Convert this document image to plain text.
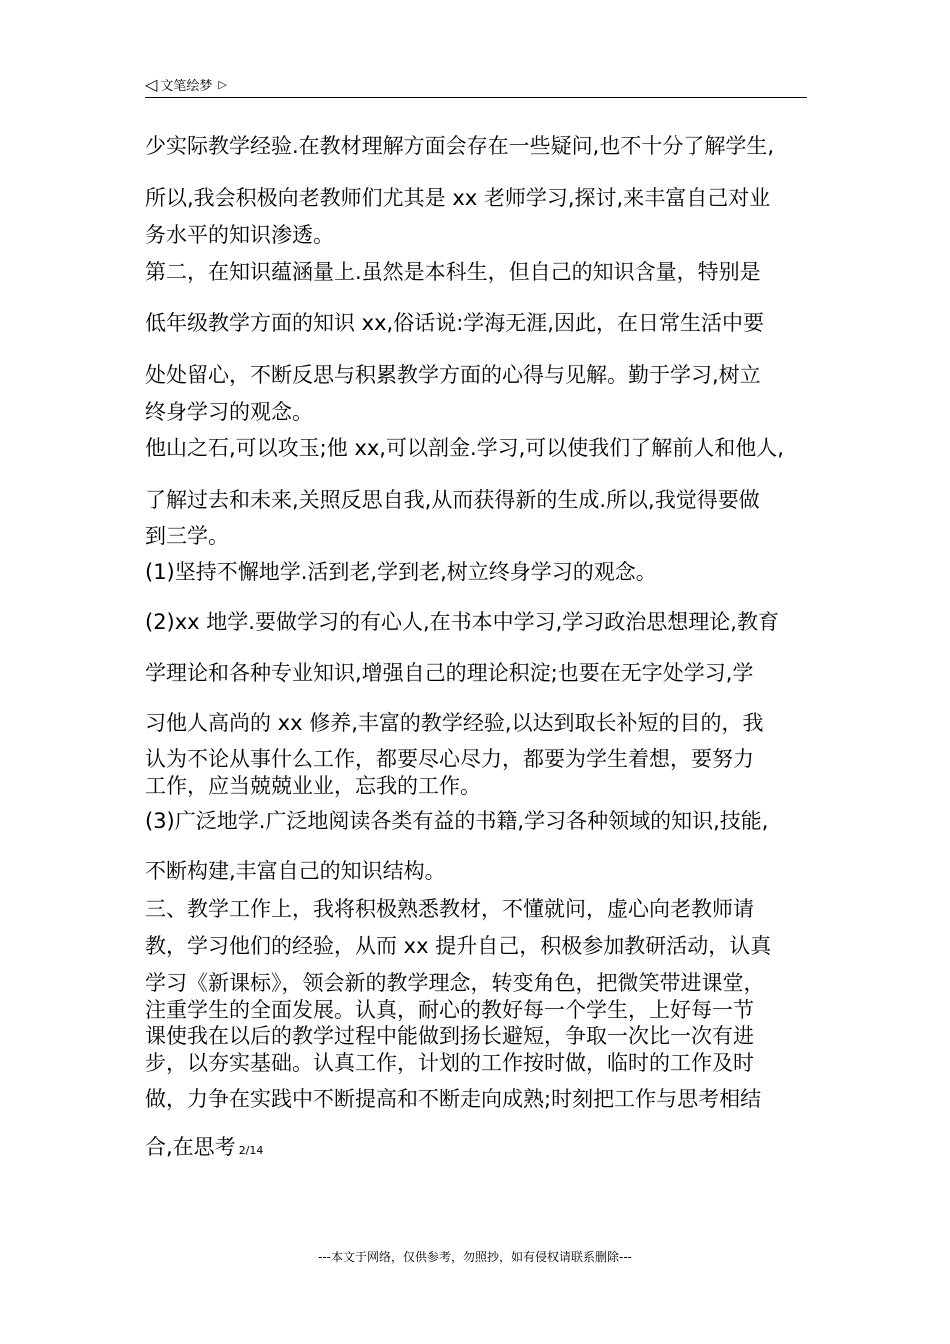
◁ 文笔绘梦 ▷
少实际教学经验.在教材理解方面会存在一些疑问,也不十分了解学生,
所以,我会积极向老教师们尤其是 xx 老师学习,探讨,来丰富自己对业
务水平的知识渗透。
第二，在知识蕴涵量上.虽然是本科生，但自己的知识含量，特别是
低年级教学方面的知识 xx,俗话说:学海无涯,因此，在日常生活中要
处处留心，不断反思与积累教学方面的心得与见解。勤于学习,树立
终身学习的观念。
他山之石,可以攻玉;他 xx,可以剖金.学习,可以使我们了解前人和他人,
了解过去和未来,关照反思自我,从而获得新的生成.所以,我觉得要做
到三学。
(1)坚持不懈地学.活到老,学到老,树立终身学习的观念。
(2)xx 地学.要做学习的有心人,在书本中学习,学习政治思想理论,教育
学理论和各种专业知识,增强自己的理论积淀;也要在无字处学习,学
习他人高尚的 xx 修养,丰富的教学经验,以达到取长补短的目的，我
认为不论从事什么工作，都要尽心尽力，都要为学生着想，要努力
工作，应当兢兢业业，忘我的工作。
(3)广泛地学.广泛地阅读各类有益的书籍,学习各种领域的知识,技能,
不断构建,丰富自己的知识结构。
三、教学工作上，我将积极熟悉教材，不懂就问，虚心向老教师请
教，学习他们的经验，从而 xx 提升自己，积极参加教研活动，认真
学习《新课标》，领会新的教学理念，转变角色，把微笑带进课堂，
注重学生的全面发展。认真，耐心的教好每一个学生，上好每一节
课使我在以后的教学过程中能做到扬长避短，争取一次比一次有进
步，以夯实基础。认真工作，计划的工作按时做，临时的工作及时
做，力争在实践中不断提高和不断走向成熟;时刻把工作与思考相结
合,在思考 2/14
---本文于网络，仅供参考，勿照抄，如有侵权请联系删除---
